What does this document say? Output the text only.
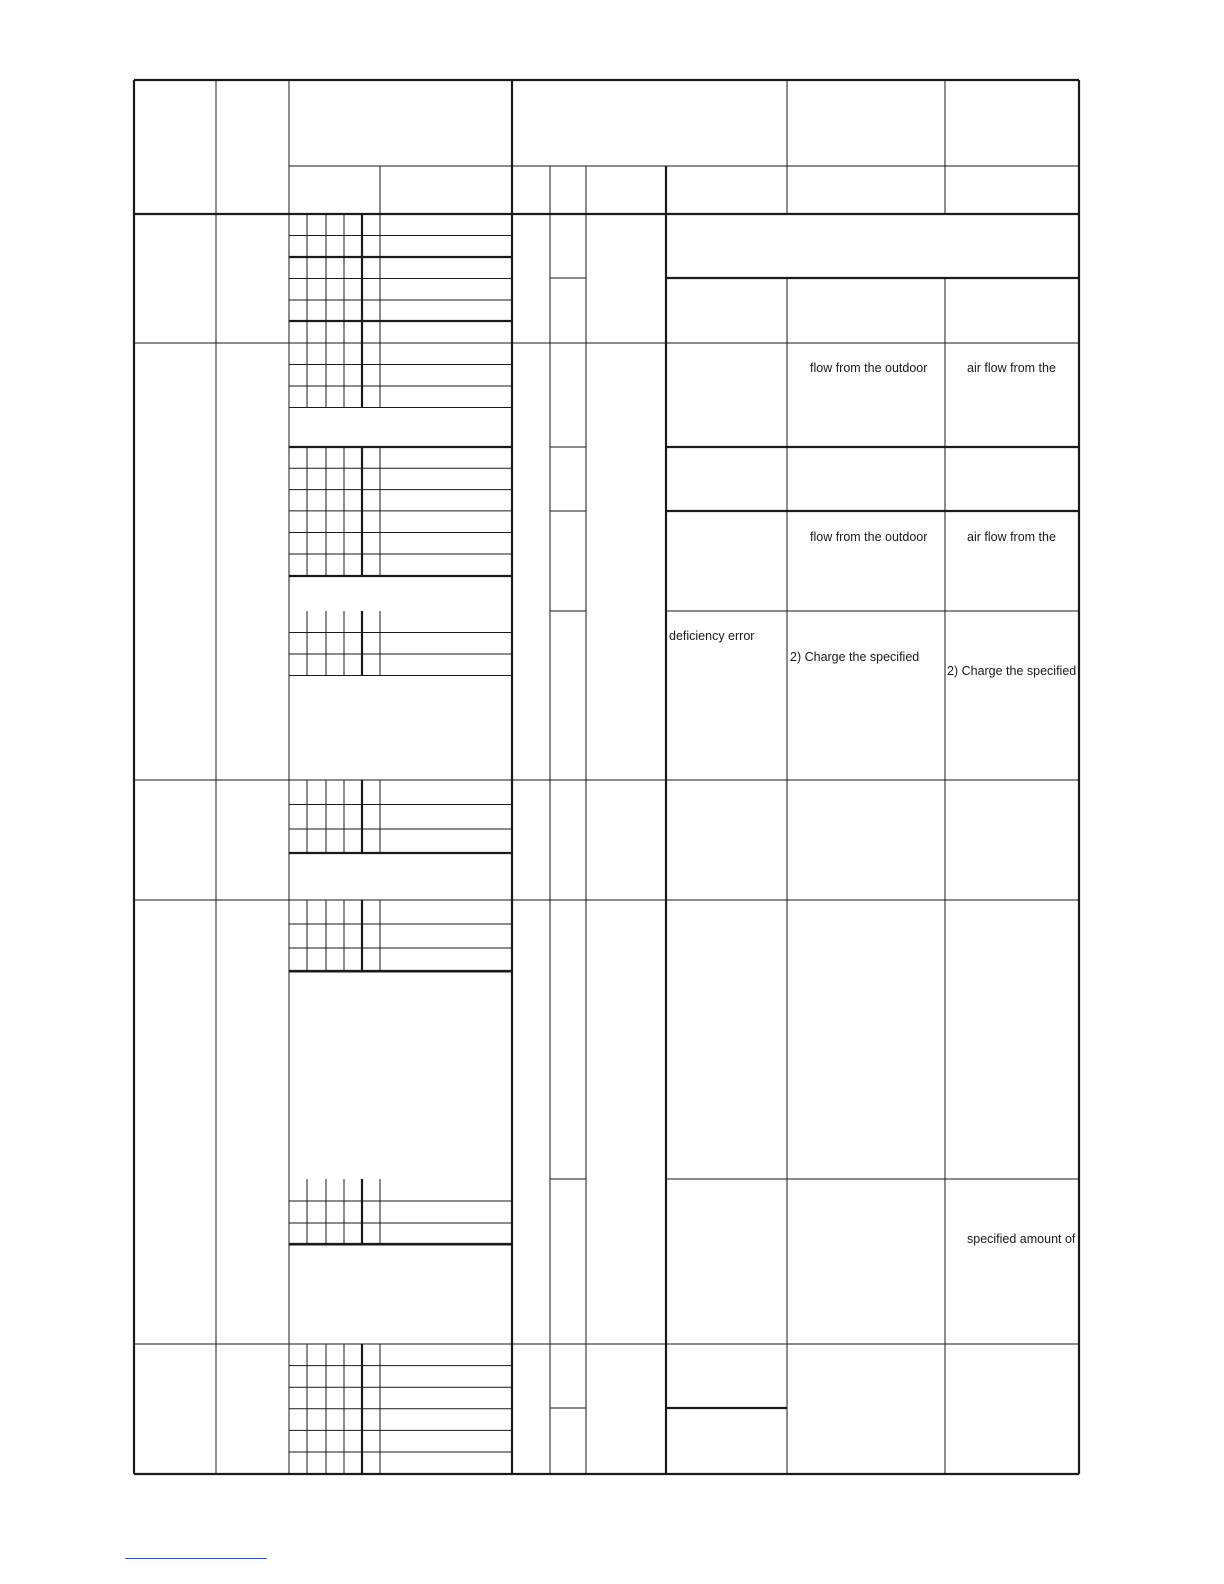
flow from the outdoor	air flow from the
flow from the outdoor	air flow from the
deficiency error
2) Charge the specified
2) Charge the specified
specified amount of
